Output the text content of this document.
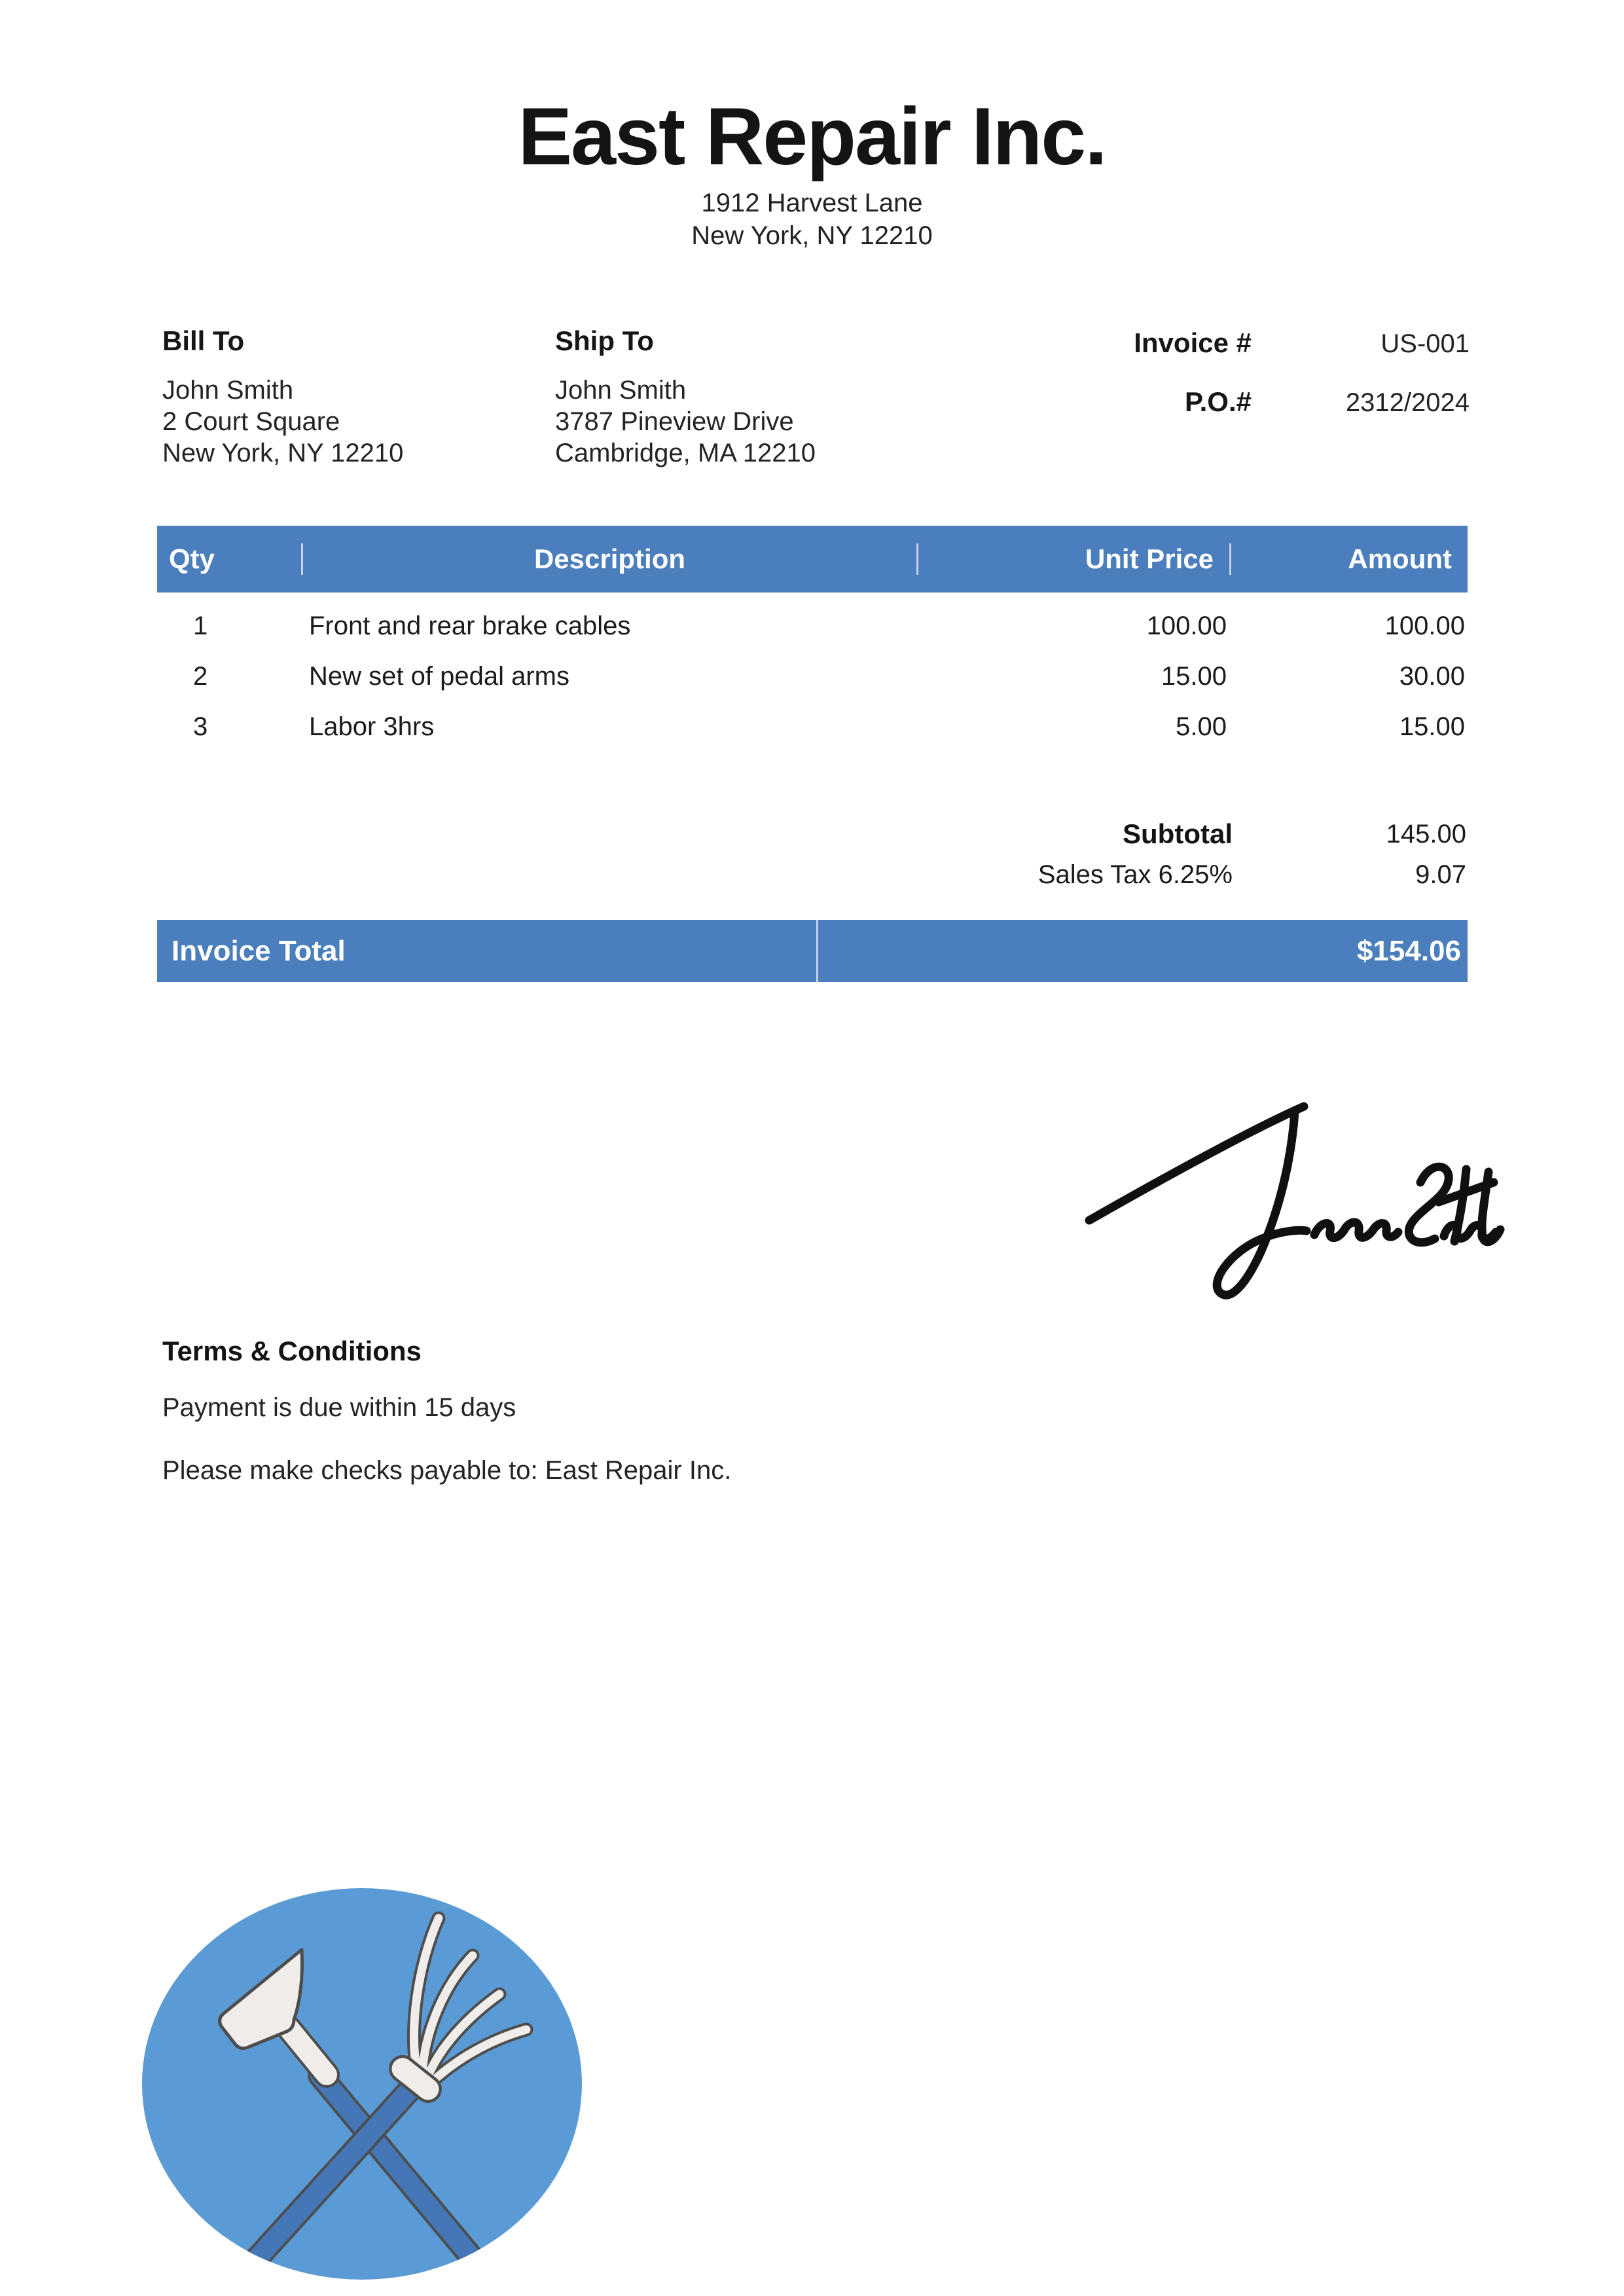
East Repair Inc.
1912 Harvest Lane
New York, NY 12210
Bill To
John Smith
2 Court Square
New York, NY 12210
Ship To
John Smith
3787 Pineview Drive
Cambridge, MA 12210
Invoice #	US-001
P.O.#	2312/2024
Qty	Description	Unit Price	Amount
1	Front and rear brake cables	100.00	100.00
2	New set of pedal arms	15.00	30.00
3	Labor 3hrs	5.00	15.00
Subtotal	145.00
Sales Tax 6.25%	9.07
Invoice Total	$154.06
Terms & Conditions
Payment is due within 15 days
Please make checks payable to: East Repair Inc.
